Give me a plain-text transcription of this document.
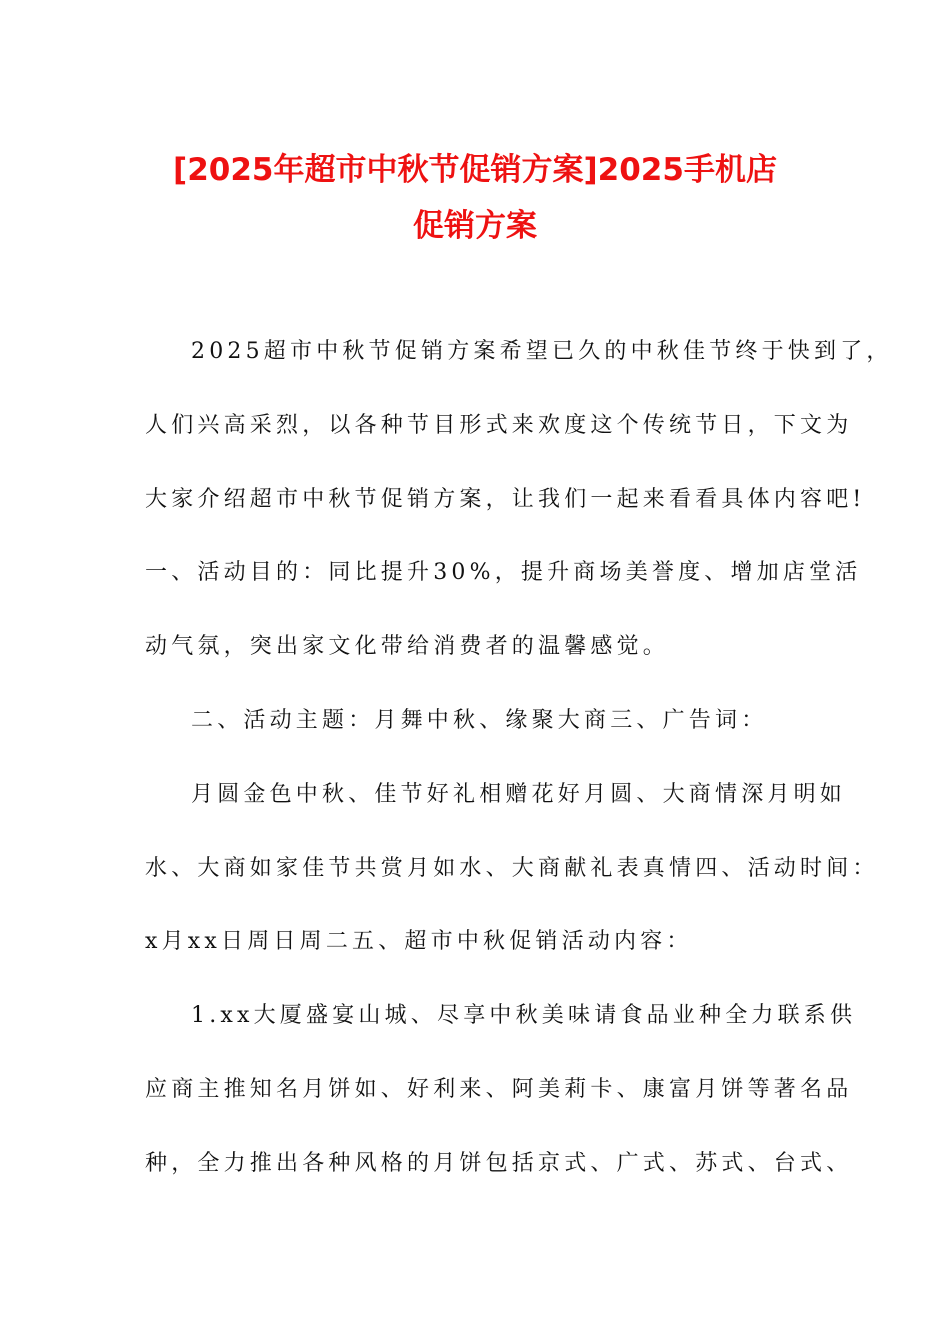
[2025年超市中秋节促销方案]2025手机店
促销方案
2025超市中秋节促销方案希望已久的中秋佳节终于快到了，
人们兴高采烈，以各种节目形式来欢度这个传统节日，下文为
大家介绍超市中秋节促销方案，让我们一起来看看具体内容吧!
一、活动目的：同比提升30%，提升商场美誉度、增加店堂活
动气氛，突出家文化带给消费者的温馨感觉。
二、活动主题：月舞中秋、缘聚大商三、广告词：
月圆金色中秋、佳节好礼相赠花好月圆、大商情深月明如
水、大商如家佳节共赏月如水、大商献礼表真情四、活动时间：
x月xx日周日周二五、超市中秋促销活动内容：
1.xx大厦盛宴山城、尽享中秋美味请食品业种全力联系供
应商主推知名月饼如、好利来、阿美莉卡、康富月饼等著名品
种，全力推出各种风格的月饼包括京式、广式、苏式、台式、
